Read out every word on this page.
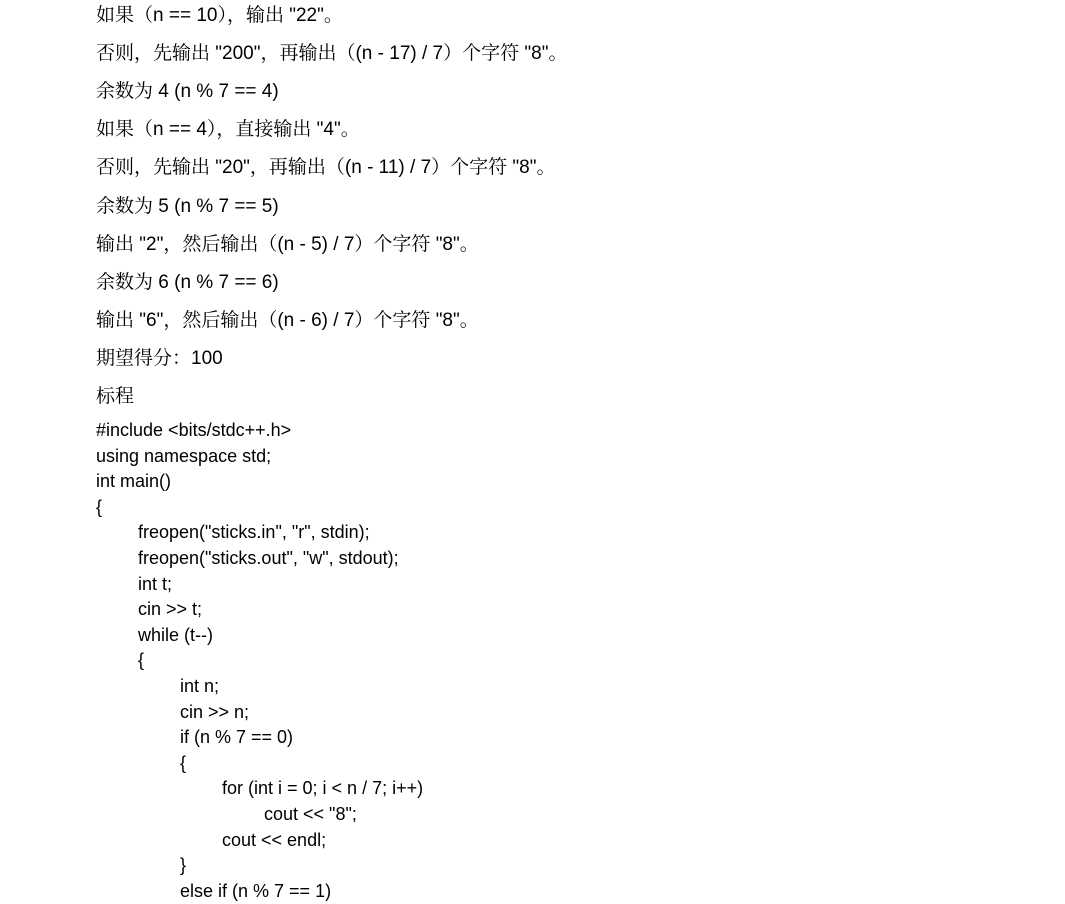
如果（n == 10），输出 "22"。

否则，先输出 "200"，再输出（(n - 17) / 7）个字符 "8"。

余数为 4 (n % 7 == 4)

如果（n == 4），直接输出 "4"。

否则，先输出 "20"，再输出（(n - 11) / 7）个字符 "8"。

余数为 5 (n % 7 == 5)

输出 "2"，然后输出（(n - 5) / 7）个字符 "8"。

余数为 6 (n % 7 == 6)

输出 "6"，然后输出（(n - 6) / 7）个字符 "8"。

期望得分：100

标程

#include <bits/stdc++.h>
using namespace std;
int main()
{
freopen("sticks.in", "r", stdin);
freopen("sticks.out", "w", stdout);
int t;
cin >> t;
while (t--)
{
int n;
cin >> n;
if (n % 7 == 0)
{
for (int i = 0; i < n / 7; i++)
cout << "8";
cout << endl;
}
else if (n % 7 == 1)
